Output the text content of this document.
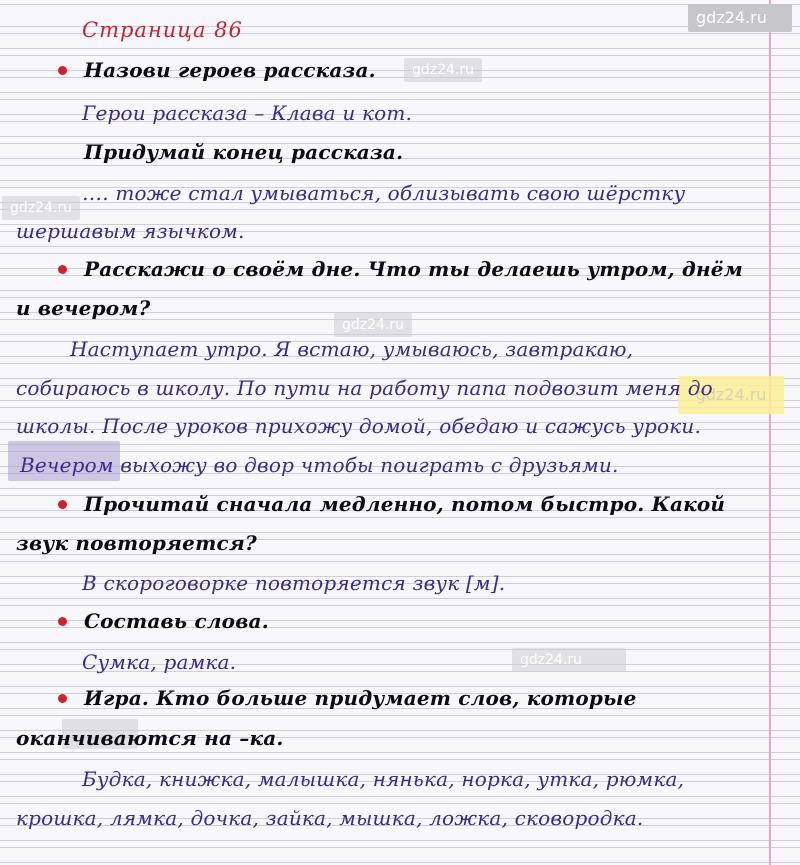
gdz24.ru
gdz24.ru
gdz24.ru
gdz24.ru
gdz24.ru
gdz24.ru
Страница 86
Назови героев рассказа.
Герои рассказа – Клава и кот.
Придумай конец рассказа.
…. тоже стал умываться, облизывать свою шёрстку
шершавым язычком.
Расскажи о своём дне. Что ты делаешь утром, днём
и вечером?
Наступает утро. Я встаю, умываюсь, завтракаю,
собираюсь в школу. По пути на работу папа подвозит меня до
школы. После уроков прихожу домой, обедаю и сажусь уроки.
Вечером выхожу во двор чтобы поиграть с друзьями.
Прочитай сначала медленно, потом быстро. Какой
звук повторяется?
В скороговорке повторяется звук [м].
Составь слова.
Сумка, рамка.
Игра. Кто больше придумает слов, которые
оканчиваются на –ка.
Будка, книжка, малышка, нянька, норка, утка, рюмка,
крошка, лямка, дочка, зайка, мышка, ложка, сковородка.
